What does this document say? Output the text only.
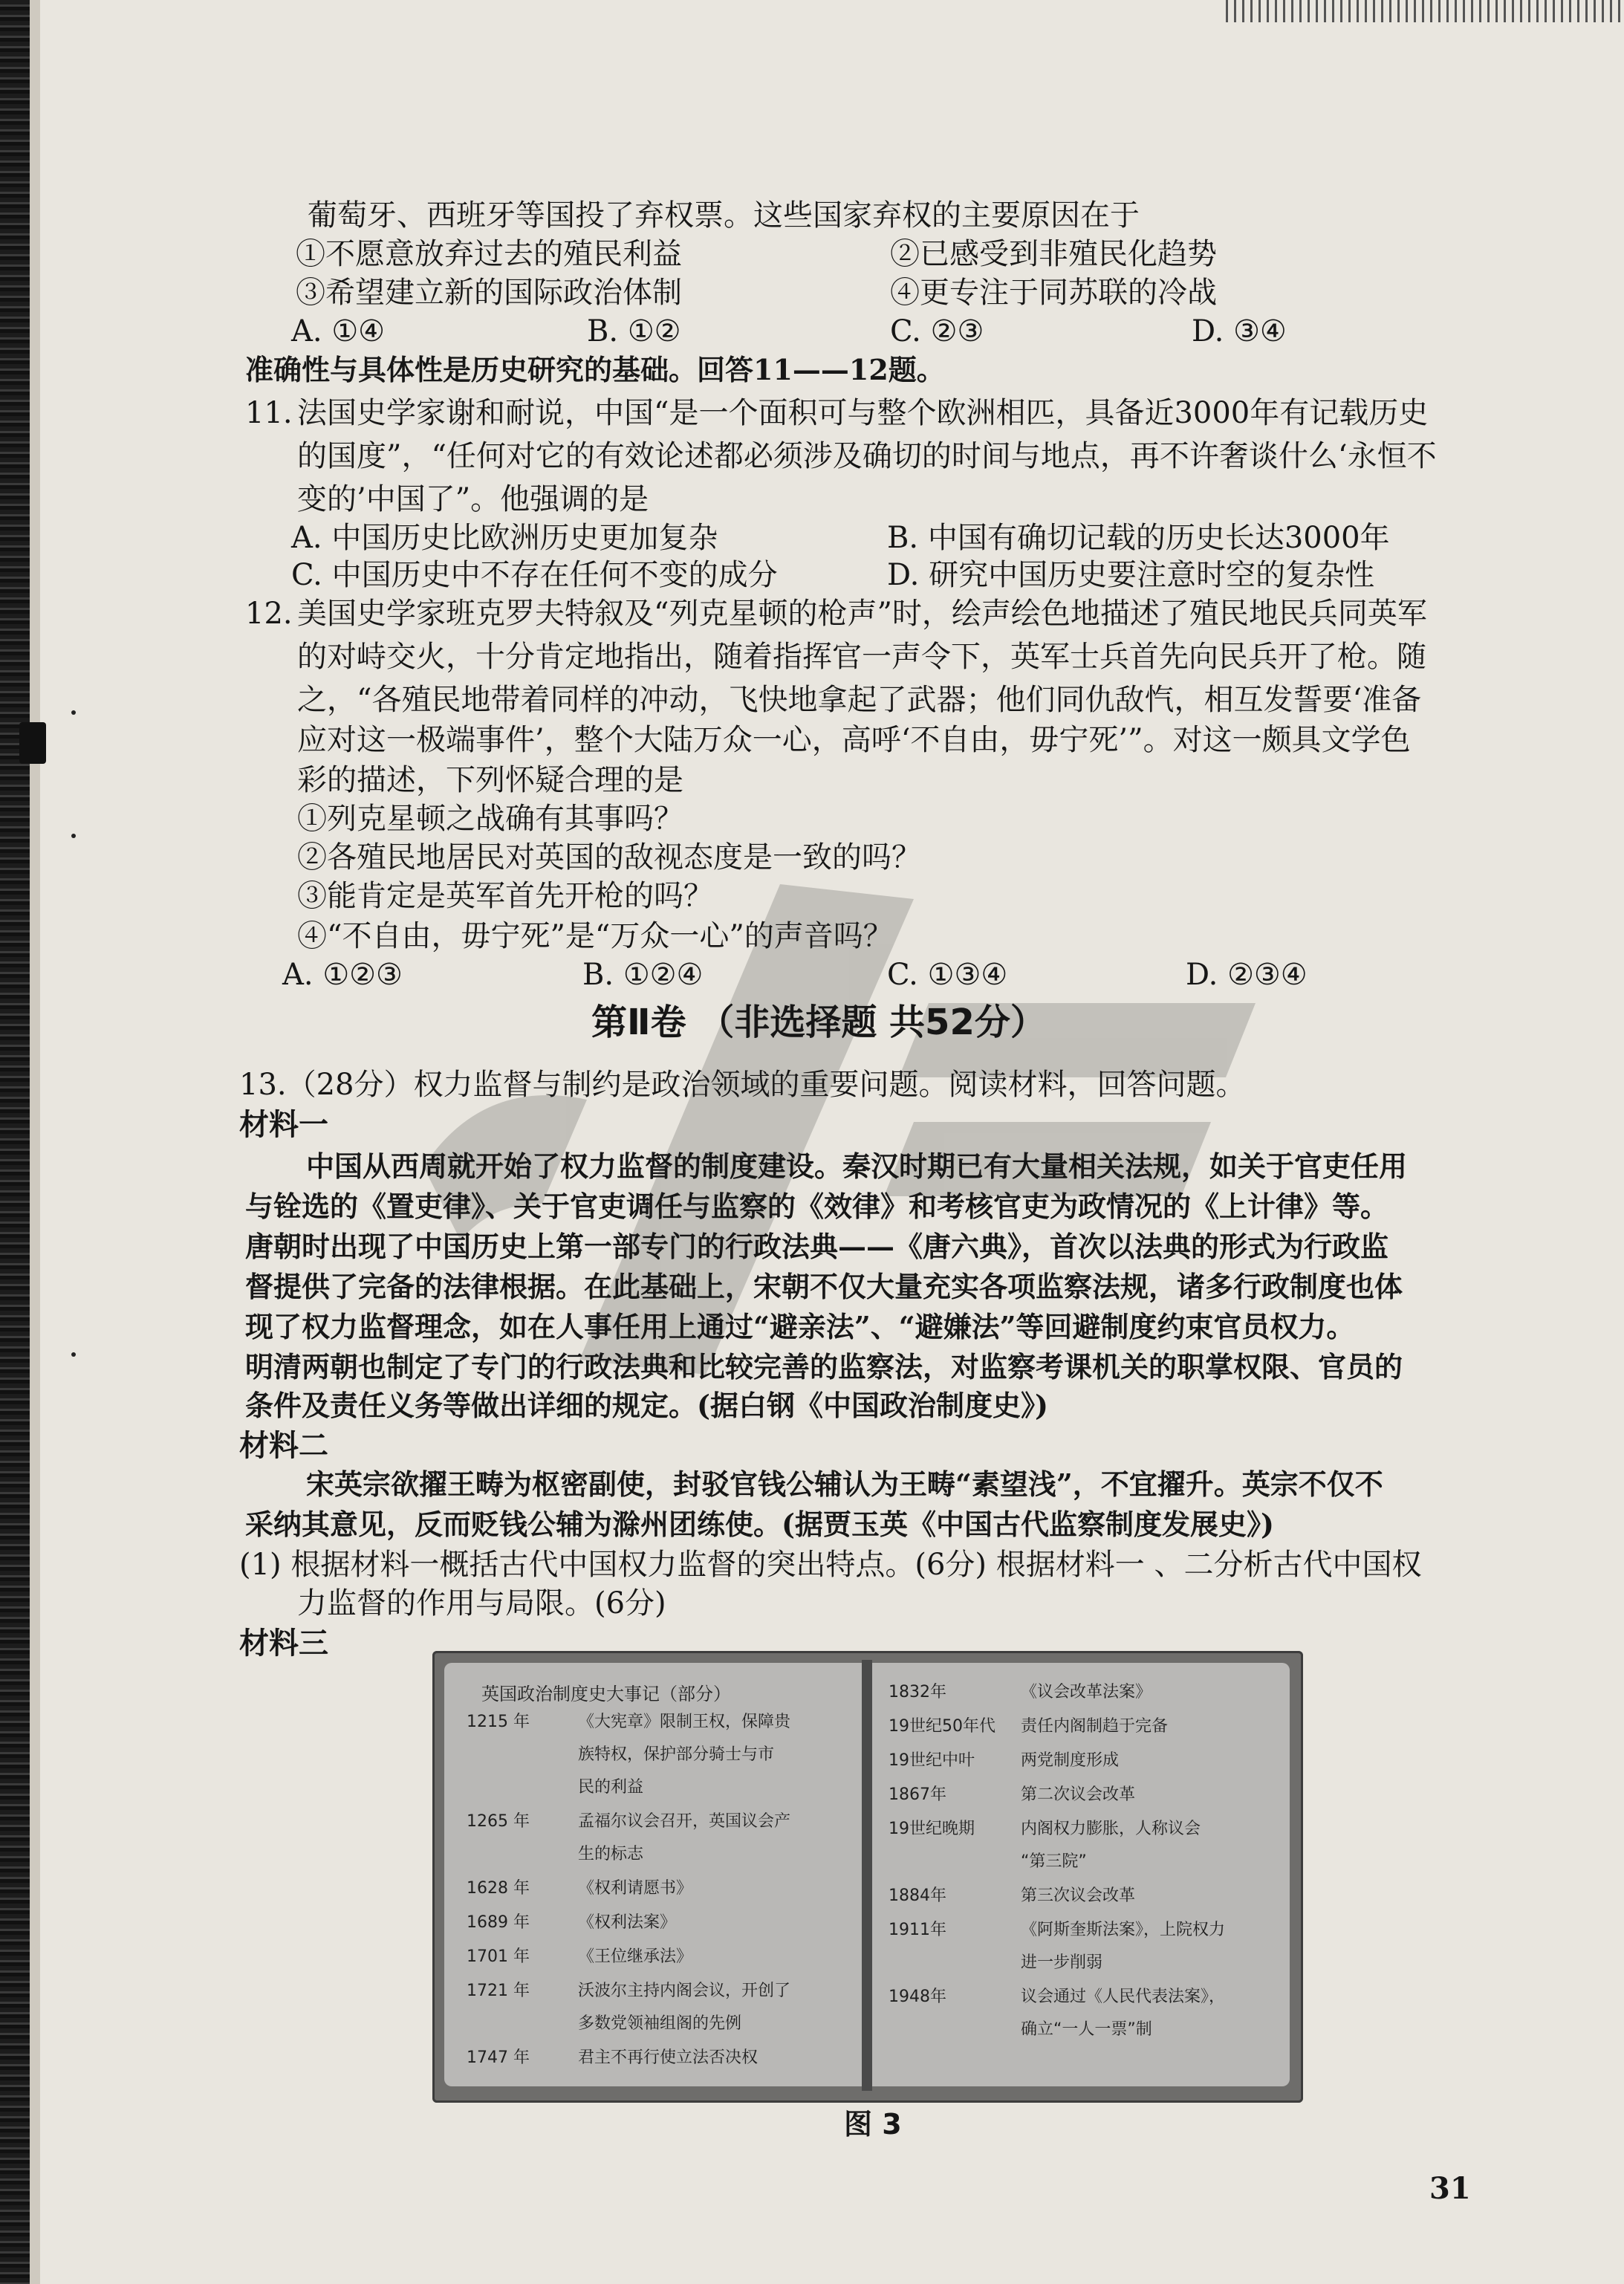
葡萄牙、西班牙等国投了弃权票。这些国家弃权的主要原因在于
①不愿意放弃过去的殖民利益	②已感受到非殖民化趋势
③希望建立新的国际政治体制	④更专注于同苏联的冷战
A. ①④	B. ①②	C. ②③	D. ③④
准确性与具体性是历史研究的基础。回答11——12题。
11. 法国史学家谢和耐说，中国“是一个面积可与整个欧洲相匹，具备近3000年有记载历史
的国度”，“任何对它的有效论述都必须涉及确切的时间与地点，再不许奢谈什么‘永恒不
变的’中国了”。他强调的是
A. 中国历史比欧洲历史更加复杂	B. 中国有确切记载的历史长达3000年
C. 中国历史中不存在任何不变的成分	D. 研究中国历史要注意时空的复杂性
12. 美国史学家班克罗夫特叙及“列克星顿的枪声”时，绘声绘色地描述了殖民地民兵同英军
的对峙交火，十分肯定地指出，随着指挥官一声令下，英军士兵首先向民兵开了枪。随
之，“各殖民地带着同样的冲动，飞快地拿起了武器；他们同仇敌忾，相互发誓要‘准备
应对这一极端事件’，整个大陆万众一心，高呼‘不自由，毋宁死’”。对这一颇具文学色
彩的描述，下列怀疑合理的是
①列克星顿之战确有其事吗？
②各殖民地居民对英国的敌视态度是一致的吗？
③能肯定是英军首先开枪的吗？
④“不自由，毋宁死”是“万众一心”的声音吗？
A. ①②③	B. ①②④	C. ①③④	D. ②③④
第Ⅱ卷 （非选择题 共52分）
13.（28分）权力监督与制约是政治领域的重要问题。阅读材料，回答问题。
材料一
中国从西周就开始了权力监督的制度建设。秦汉时期已有大量相关法规，如关于官吏任用
与铨选的《置吏律》、关于官吏调任与监察的《效律》和考核官吏为政情况的《上计律》等。
唐朝时出现了中国历史上第一部专门的行政法典——《唐六典》，首次以法典的形式为行政监
督提供了完备的法律根据。在此基础上，宋朝不仅大量充实各项监察法规，诸多行政制度也体
现了权力监督理念，如在人事任用上通过“避亲法”、“避嫌法”等回避制度约束官员权力。
明清两朝也制定了专门的行政法典和比较完善的监察法，对监察考课机关的职掌权限、官员的
条件及责任义务等做出详细的规定。(据白钢《中国政治制度史》)
材料二
宋英宗欲擢王畴为枢密副使，封驳官钱公辅认为王畴“素望浅”，不宜擢升。英宗不仅不
采纳其意见，反而贬钱公辅为滁州团练使。(据贾玉英《中国古代监察制度发展史》)
(1) 根据材料一概括古代中国权力监督的突出特点。(6分) 根据材料一 、二分析古代中国权
力监督的作用与局限。(6分)
材料三
英国政治制度史大事记（部分）
1215 年	《大宪章》限制王权，保障贵
族特权，保护部分骑士与市
民的利益
1265 年	孟福尔议会召开，英国议会产
生的标志
1628 年	《权利请愿书》
1689 年	《权利法案》
1701 年	《王位继承法》
1721 年	沃波尔主持内阁会议，开创了
多数党领袖组阁的先例
1747 年	君主不再行使立法否决权
1832年	《议会改革法案》
19世纪50年代 责任内阁制趋于完备
19世纪中叶	两党制度形成
1867年	第二次议会改革
19世纪晚期	内阁权力膨胀，人称议会
“第三院”
1884年	第三次议会改革
1911年	《阿斯奎斯法案》，上院权力
进一步削弱
1948年	议会通过《人民代表法案》，
确立“一人一票”制
图 3
31
